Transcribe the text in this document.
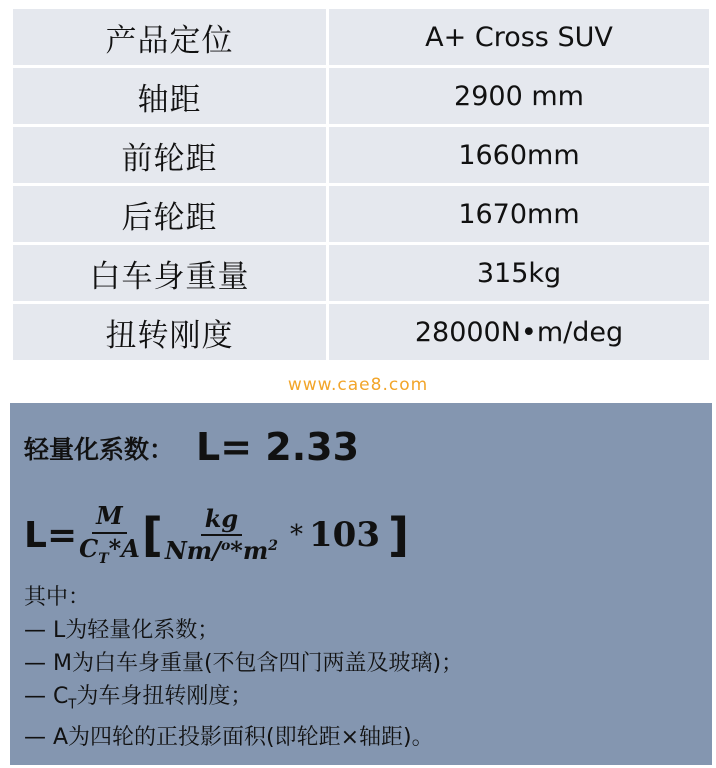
产品定位	A+ Cross SUV
轴距	2900 mm
前轮距	1660mm
后轮距	1670mm
白车身重量	315kg
扭转刚度	28000N•m/deg
www.cae8.com
轻量化系数： L= 2.33
$L= \frac{M}{C_T*A}$ [ $\frac{kg}{Nm/^o*m^2} * 103$ ]
其中：
— L为轻量化系数；
— M为白车身重量(不包含四门两盖及玻璃)；
— $C_T$为车身扭转刚度；
— A为四轮的正投影面积(即轮距×轴距)。
